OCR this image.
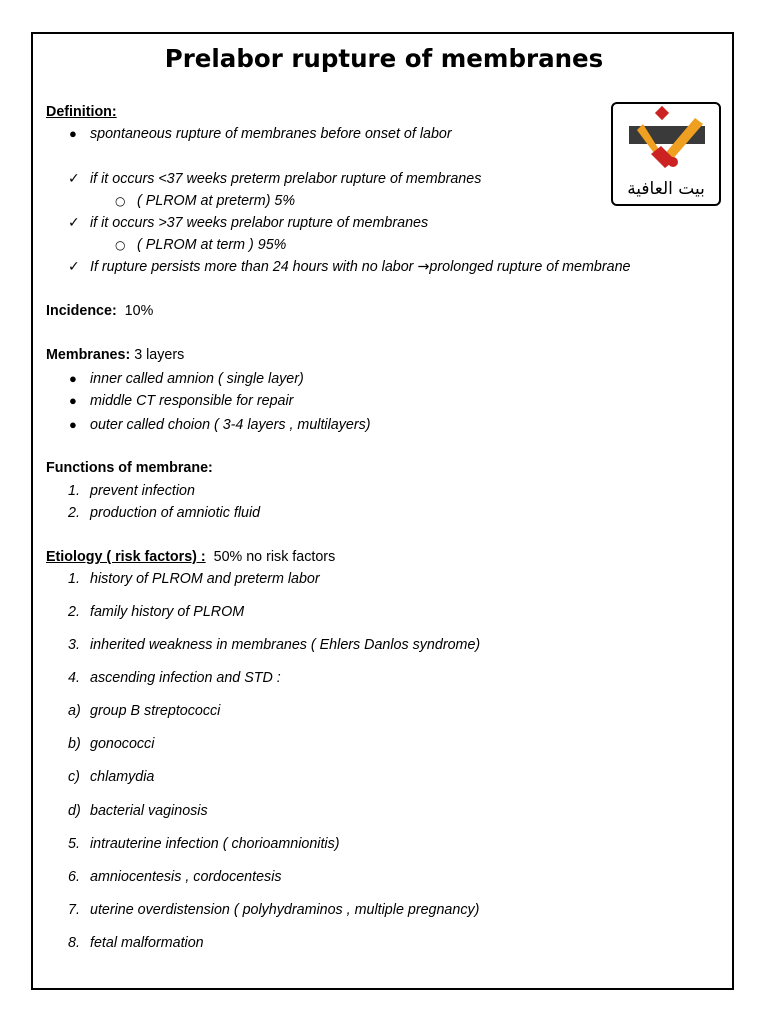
Prelabor rupture of membranes
بيت العافية
Definition:
● spontaneous rupture of membranes before onset of labor
✓ if it occurs <37 weeks preterm prelabor rupture of membranes
○ ( PLROM at preterm) 5%
✓ if it occurs >37 weeks prelabor rupture of membranes
○ ( PLROM at term ) 95%
✓ If rupture persists more than 24 hours with no labor →prolonged rupture of membrane
Incidence: 10%
Membranes: 3 layers
● inner called amnion ( single layer)
● middle CT responsible for repair
● outer called choion ( 3-4 layers , multilayers)
Functions of membrane:
1. prevent infection
2. production of amniotic fluid
Etiology ( risk factors) : 50% no risk factors
1. history of PLROM and preterm labor
2. family history of PLROM
3. inherited weakness in membranes ( Ehlers Danlos syndrome)
4. ascending infection and STD :
a) group B streptococci
b) gonococci
c) chlamydia
d) bacterial vaginosis
5. intrauterine infection ( chorioamnionitis)
6. amniocentesis , cordocentesis
7. uterine overdistension ( polyhydraminos , multiple pregnancy)
8. fetal malformation
